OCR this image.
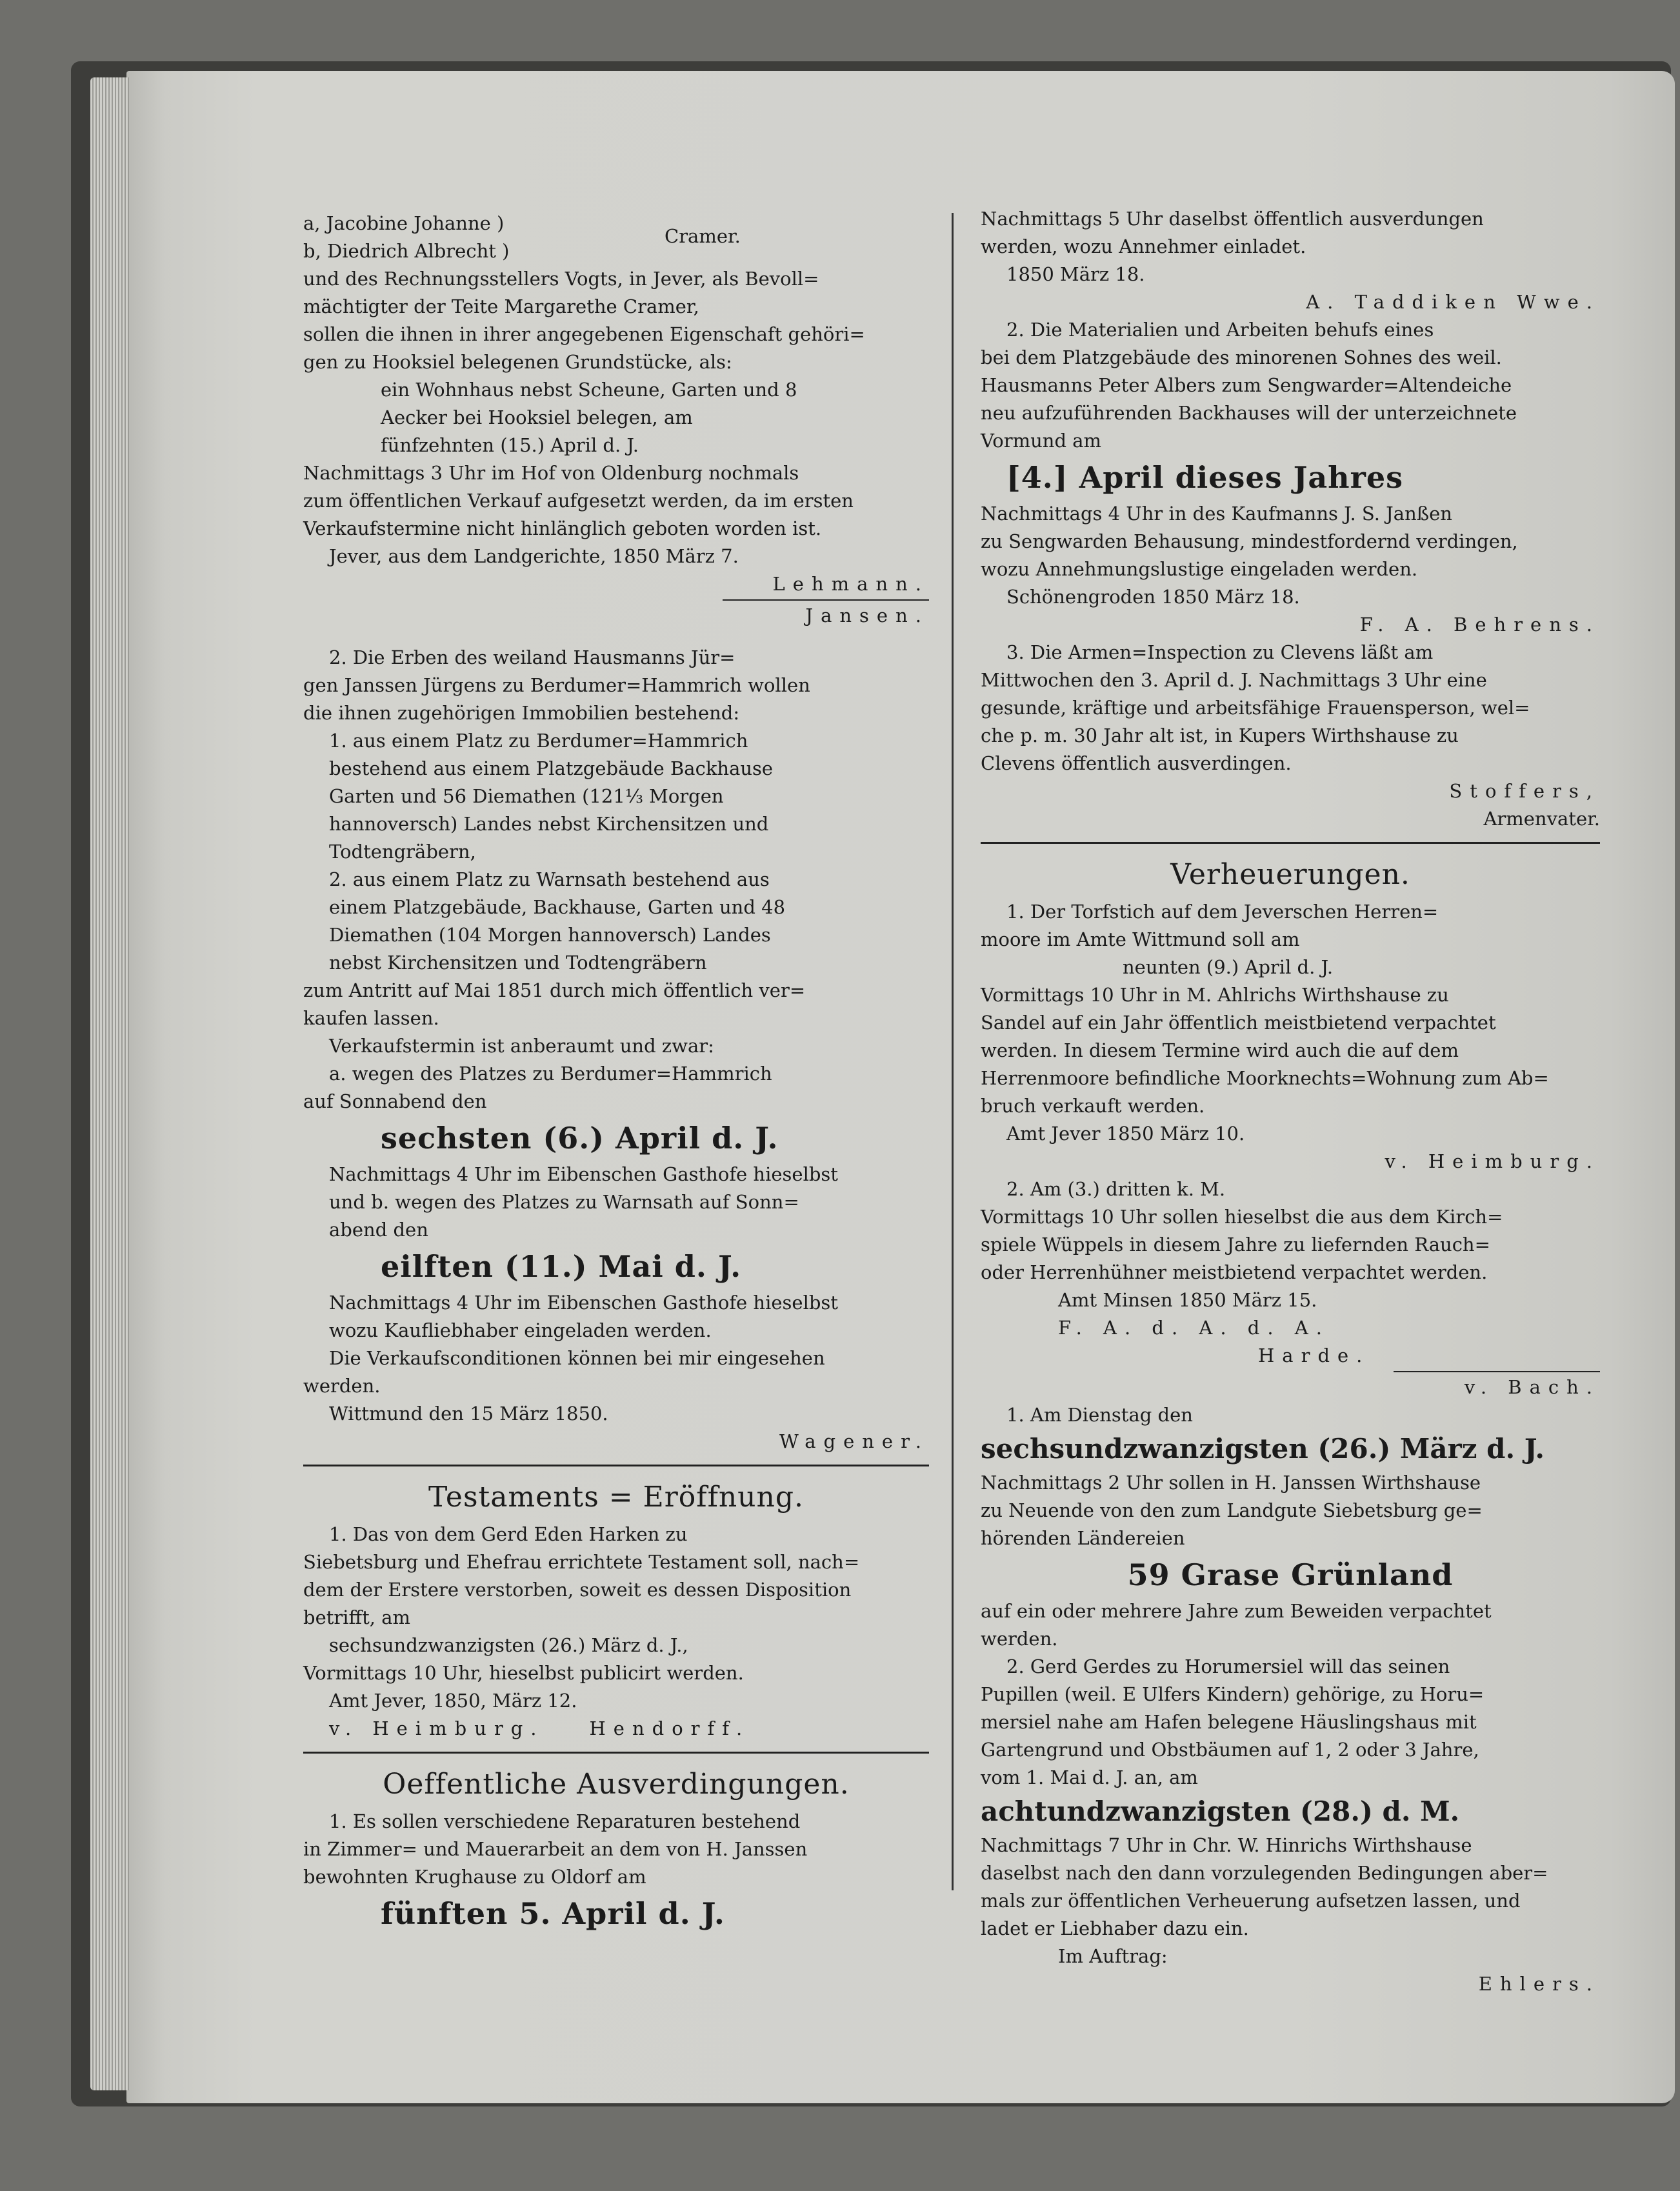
a, Jacobine Johanne )

b, Diedrich Albrecht )

Cramer.

und des Rechnungsstellers Vogts, in Jever, als Bevoll=

mächtigter der Teite Margarethe Cramer,

sollen die ihnen in ihrer angegebenen Eigenschaft gehöri=

gen zu Hooksiel belegenen Grundstücke, als:

ein Wohnhaus nebst Scheune, Garten und 8

Aecker bei Hooksiel belegen, am

fünfzehnten (15.) April d. J.

Nachmittags 3 Uhr im Hof von Oldenburg nochmals

zum öffentlichen Verkauf aufgesetzt werden, da im ersten

Verkaufstermine nicht hinlänglich geboten worden ist.

Jever, aus dem Landgerichte, 1850 März 7.

Lehmann.

Jansen.

2. Die Erben des weiland Hausmanns Jür=

gen Janssen Jürgens zu Berdumer=Hammrich wollen

die ihnen zugehörigen Immobilien bestehend:

1. aus einem Platz zu Berdumer=Hammrich

bestehend aus einem Platzgebäude Backhause

Garten und 56 Diemathen (121⅓ Morgen

hannoversch) Landes nebst Kirchensitzen und

Todtengräbern,

2. aus einem Platz zu Warnsath bestehend aus

einem Platzgebäude, Backhause, Garten und 48

Diemathen (104 Morgen hannoversch) Landes

nebst Kirchensitzen und Todtengräbern

zum Antritt auf Mai 1851 durch mich öffentlich ver=

kaufen lassen.

Verkaufstermin ist anberaumt und zwar:

a. wegen des Platzes zu Berdumer=Hammrich

auf Sonnabend den

sechsten (6.) April d. J.

Nachmittags 4 Uhr im Eibenschen Gasthofe hieselbst

und b. wegen des Platzes zu Warnsath auf Sonn=

abend den

eilften (11.) Mai d. J.

Nachmittags 4 Uhr im Eibenschen Gasthofe hieselbst

wozu Kaufliebhaber eingeladen werden.

Die Verkaufsconditionen können bei mir eingesehen

werden.

Wittmund den 15 März 1850.

Wagener.

Testaments = Eröffnung.

1. Das von dem Gerd Eden Harken zu

Siebetsburg und Ehefrau errichtete Testament soll, nach=

dem der Erstere verstorben, soweit es dessen Disposition

betrifft, am

sechsundzwanzigsten (26.) März d. J.,

Vormittags 10 Uhr, hieselbst publicirt werden.

Amt Jever, 1850, März 12.

v. Heimburg. Hendorff.

Oeffentliche Ausverdingungen.

1. Es sollen verschiedene Reparaturen bestehend

in Zimmer= und Mauerarbeit an dem von H. Janssen

bewohnten Krughause zu Oldorf am

fünften 5. April d. J.

Nachmittags 5 Uhr daselbst öffentlich ausverdungen

werden, wozu Annehmer einladet.

1850 März 18.

A. Taddiken Wwe.

2. Die Materialien und Arbeiten behufs eines

bei dem Platzgebäude des minorenen Sohnes des weil.

Hausmanns Peter Albers zum Sengwarder=Altendeiche

neu aufzuführenden Backhauses will der unterzeichnete

Vormund am

[4.] April dieses Jahres

Nachmittags 4 Uhr in des Kaufmanns J. S. Janßen

zu Sengwarden Behausung, mindestfordernd verdingen,

wozu Annehmungslustige eingeladen werden.

Schönengroden 1850 März 18.

F. A. Behrens.

3. Die Armen=Inspection zu Clevens läßt am

Mittwochen den 3. April d. J. Nachmittags 3 Uhr eine

gesunde, kräftige und arbeitsfähige Frauensperson, wel=

che p. m. 30 Jahr alt ist, in Kupers Wirthshause zu

Clevens öffentlich ausverdingen.

Stoffers,

Armenvater.

Verheuerungen.

1. Der Torfstich auf dem Jeverschen Herren=

moore im Amte Wittmund soll am

neunten (9.) April d. J.

Vormittags 10 Uhr in M. Ahlrichs Wirthshause zu

Sandel auf ein Jahr öffentlich meistbietend verpachtet

werden. In diesem Termine wird auch die auf dem

Herrenmoore befindliche Moorknechts=Wohnung zum Ab=

bruch verkauft werden.

Amt Jever 1850 März 10.

v. Heimburg.

2. Am (3.) dritten k. M.

Vormittags 10 Uhr sollen hieselbst die aus dem Kirch=

spiele Wüppels in diesem Jahre zu liefernden Rauch=

oder Herrenhühner meistbietend verpachtet werden.

Amt Minsen 1850 März 15.

F. A. d. A. d. A.

Harde.

v. Bach.

1. Am Dienstag den

sechsundzwanzigsten (26.) März d. J.

Nachmittags 2 Uhr sollen in H. Janssen Wirthshause

zu Neuende von den zum Landgute Siebetsburg ge=

hörenden Ländereien

59 Grase Grünland

auf ein oder mehrere Jahre zum Beweiden verpachtet

werden.

2. Gerd Gerdes zu Horumersiel will das seinen

Pupillen (weil. E Ulfers Kindern) gehörige, zu Horu=

mersiel nahe am Hafen belegene Häuslingshaus mit

Gartengrund und Obstbäumen auf 1, 2 oder 3 Jahre,

vom 1. Mai d. J. an, am

achtundzwanzigsten (28.) d. M.

Nachmittags 7 Uhr in Chr. W. Hinrichs Wirthshause

daselbst nach den dann vorzulegenden Bedingungen aber=

mals zur öffentlichen Verheuerung aufsetzen lassen, und

ladet er Liebhaber dazu ein.

Im Auftrag:

Ehlers.
